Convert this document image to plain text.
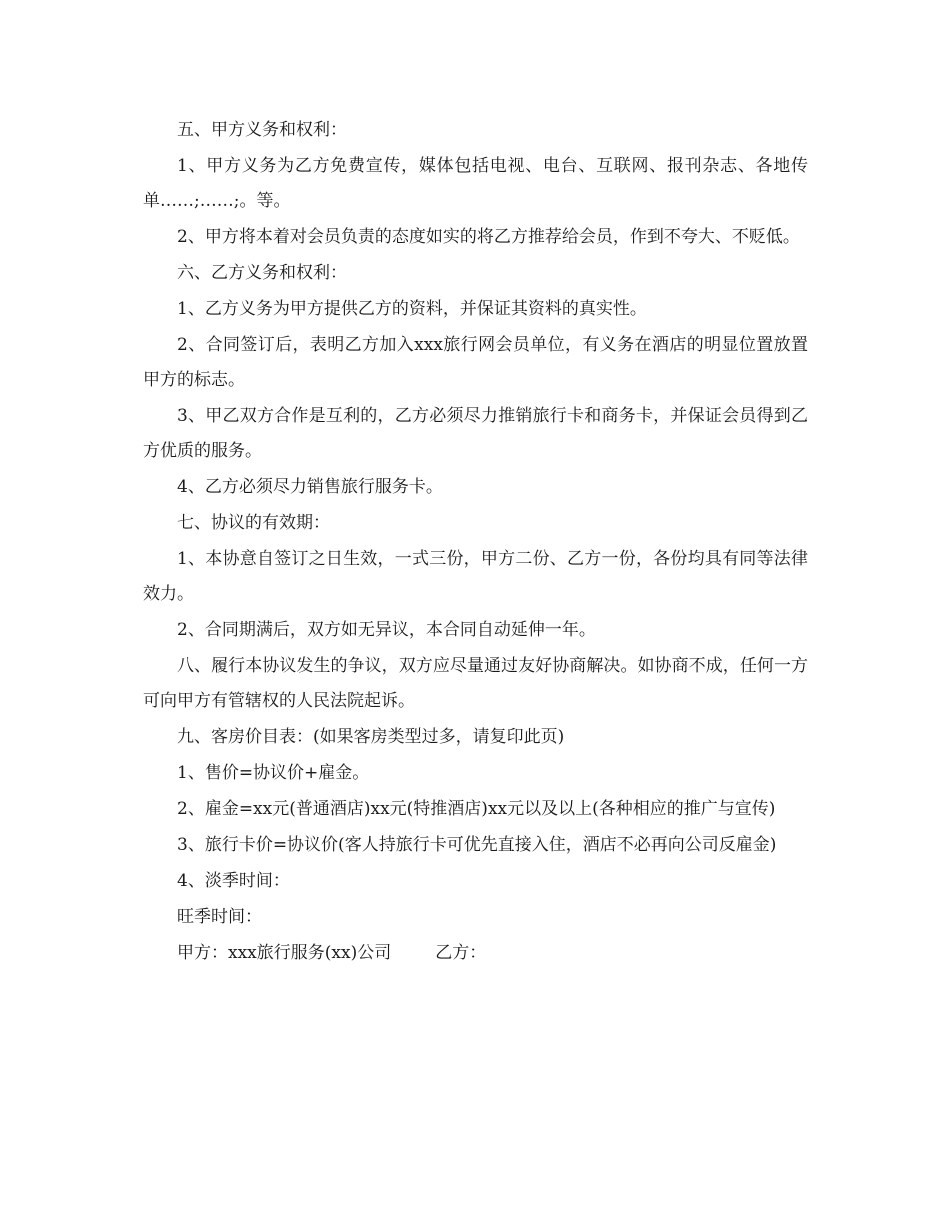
五、甲方义务和权利：

1、甲方义务为乙方免费宣传，媒体包括电视、电台、互联网、报刊杂志、各地传单……;……;。等。

2、甲方将本着对会员负责的态度如实的将乙方推荐给会员，作到不夸大、不贬低。

六、乙方义务和权利：

1、乙方义务为甲方提供乙方的资料，并保证其资料的真实性。

2、合同签订后，表明乙方加入xxx旅行网会员单位，有义务在酒店的明显位置放置甲方的标志。

3、甲乙双方合作是互利的，乙方必须尽力推销旅行卡和商务卡，并保证会员得到乙方优质的服务。

4、乙方必须尽力销售旅行服务卡。

七、协议的有效期：

1、本协意自签订之日生效，一式三份，甲方二份、乙方一份，各份均具有同等法律效力。

2、合同期满后，双方如无异议，本合同自动延伸一年。

八、履行本协议发生的争议，双方应尽量通过友好协商解决。如协商不成，任何一方可向甲方有管辖权的人民法院起诉。

九、客房价目表：(如果客房类型过多，请复印此页)

1、售价=协议价+雇金。

2、雇金=xx元(普通酒店)xx元(特推酒店)xx元以及以上(各种相应的推广与宣传)

3、旅行卡价=协议价(客人持旅行卡可优先直接入住，酒店不必再向公司反雇金)

4、淡季时间：

旺季时间：

甲方：xxx旅行服务(xx)公司	乙方：
